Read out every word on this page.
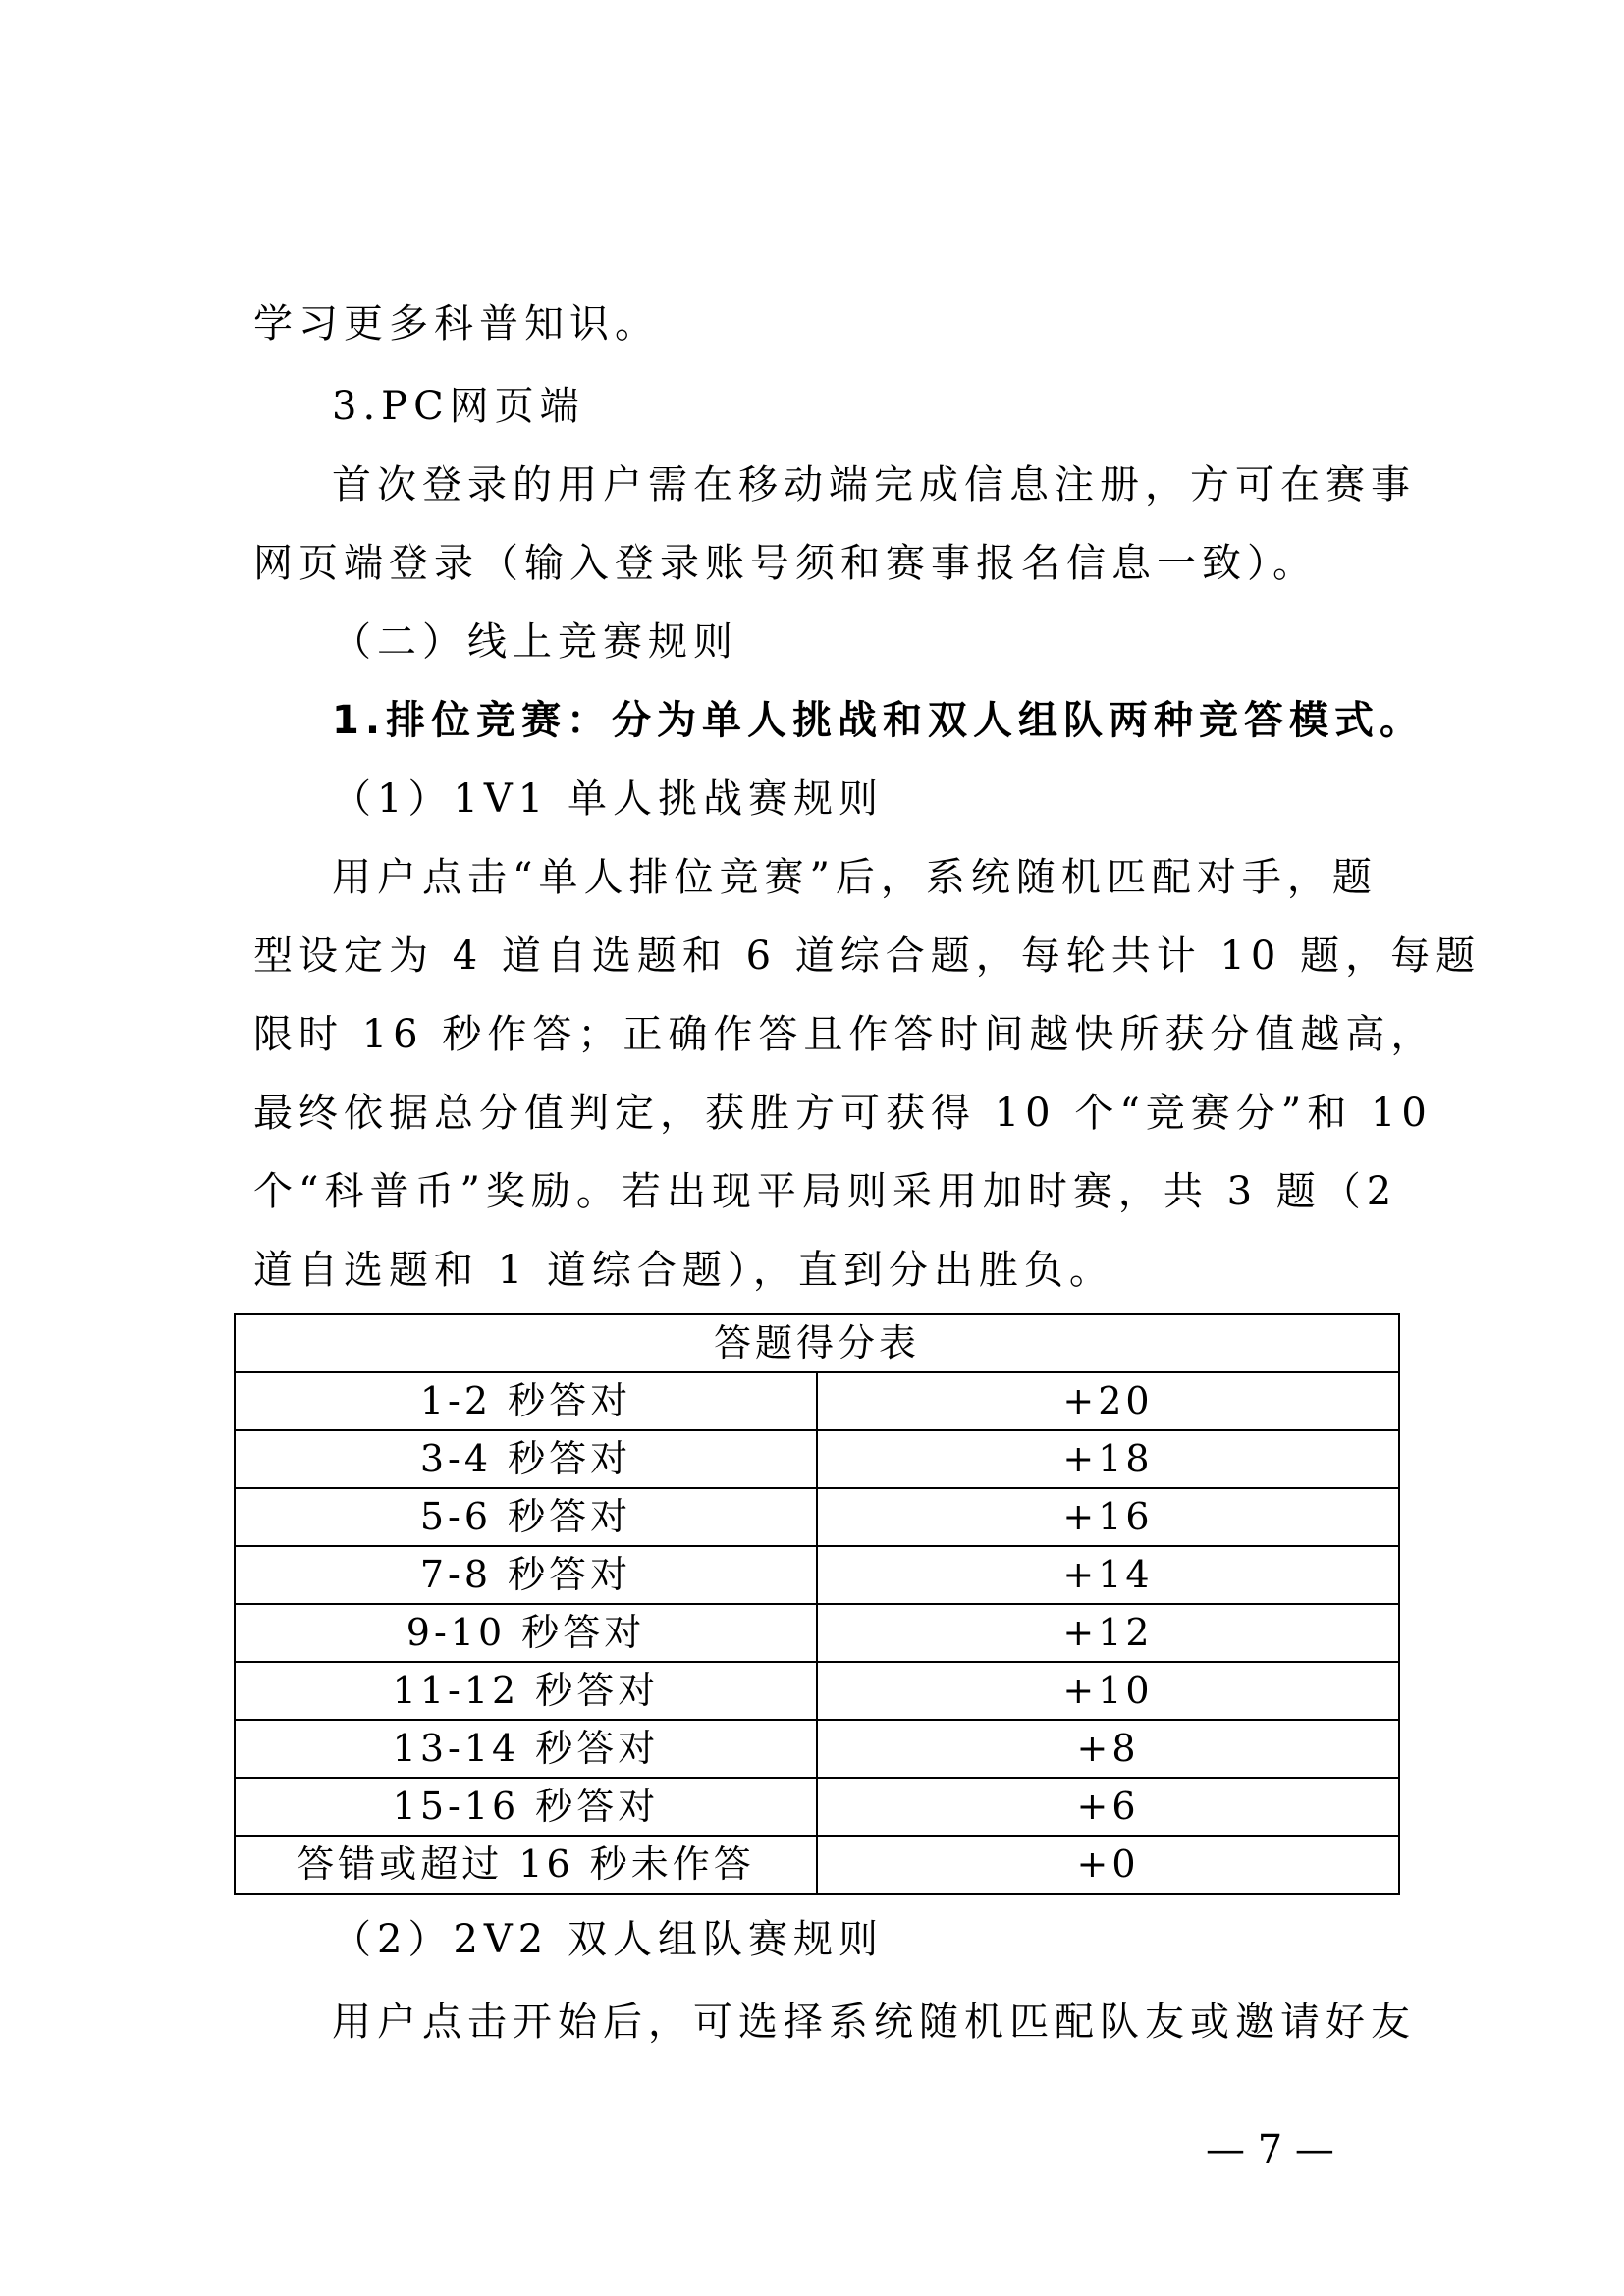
学习更多科普知识。
3.PC网页端
首次登录的用户需在移动端完成信息注册，方可在赛事
网页端登录（输入登录账号须和赛事报名信息一致）。
（二）线上竞赛规则
1.排位竞赛：分为单人挑战和双人组队两种竞答模式。
（1）1V1 单人挑战赛规则
用户点击“单人排位竞赛”后，系统随机匹配对手，题
型设定为 4 道自选题和 6 道综合题，每轮共计 10 题，每题
限时 16 秒作答；正确作答且作答时间越快所获分值越高，
最终依据总分值判定，获胜方可获得 10 个“竞赛分”和 10
个“科普币”奖励。若出现平局则采用加时赛，共 3 题（2
道自选题和 1 道综合题），直到分出胜负。
答题得分表	
1-2 秒答对	+20
3-4 秒答对	+18
5-6 秒答对	+16
7-8 秒答对	+14
9-10 秒答对	+12
11-12 秒答对	+10
13-14 秒答对	+8
15-16 秒答对	+6
答错或超过 16 秒未作答	+0
（2）2V2 双人组队赛规则
用户点击开始后，可选择系统随机匹配队友或邀请好友
— 7 —
